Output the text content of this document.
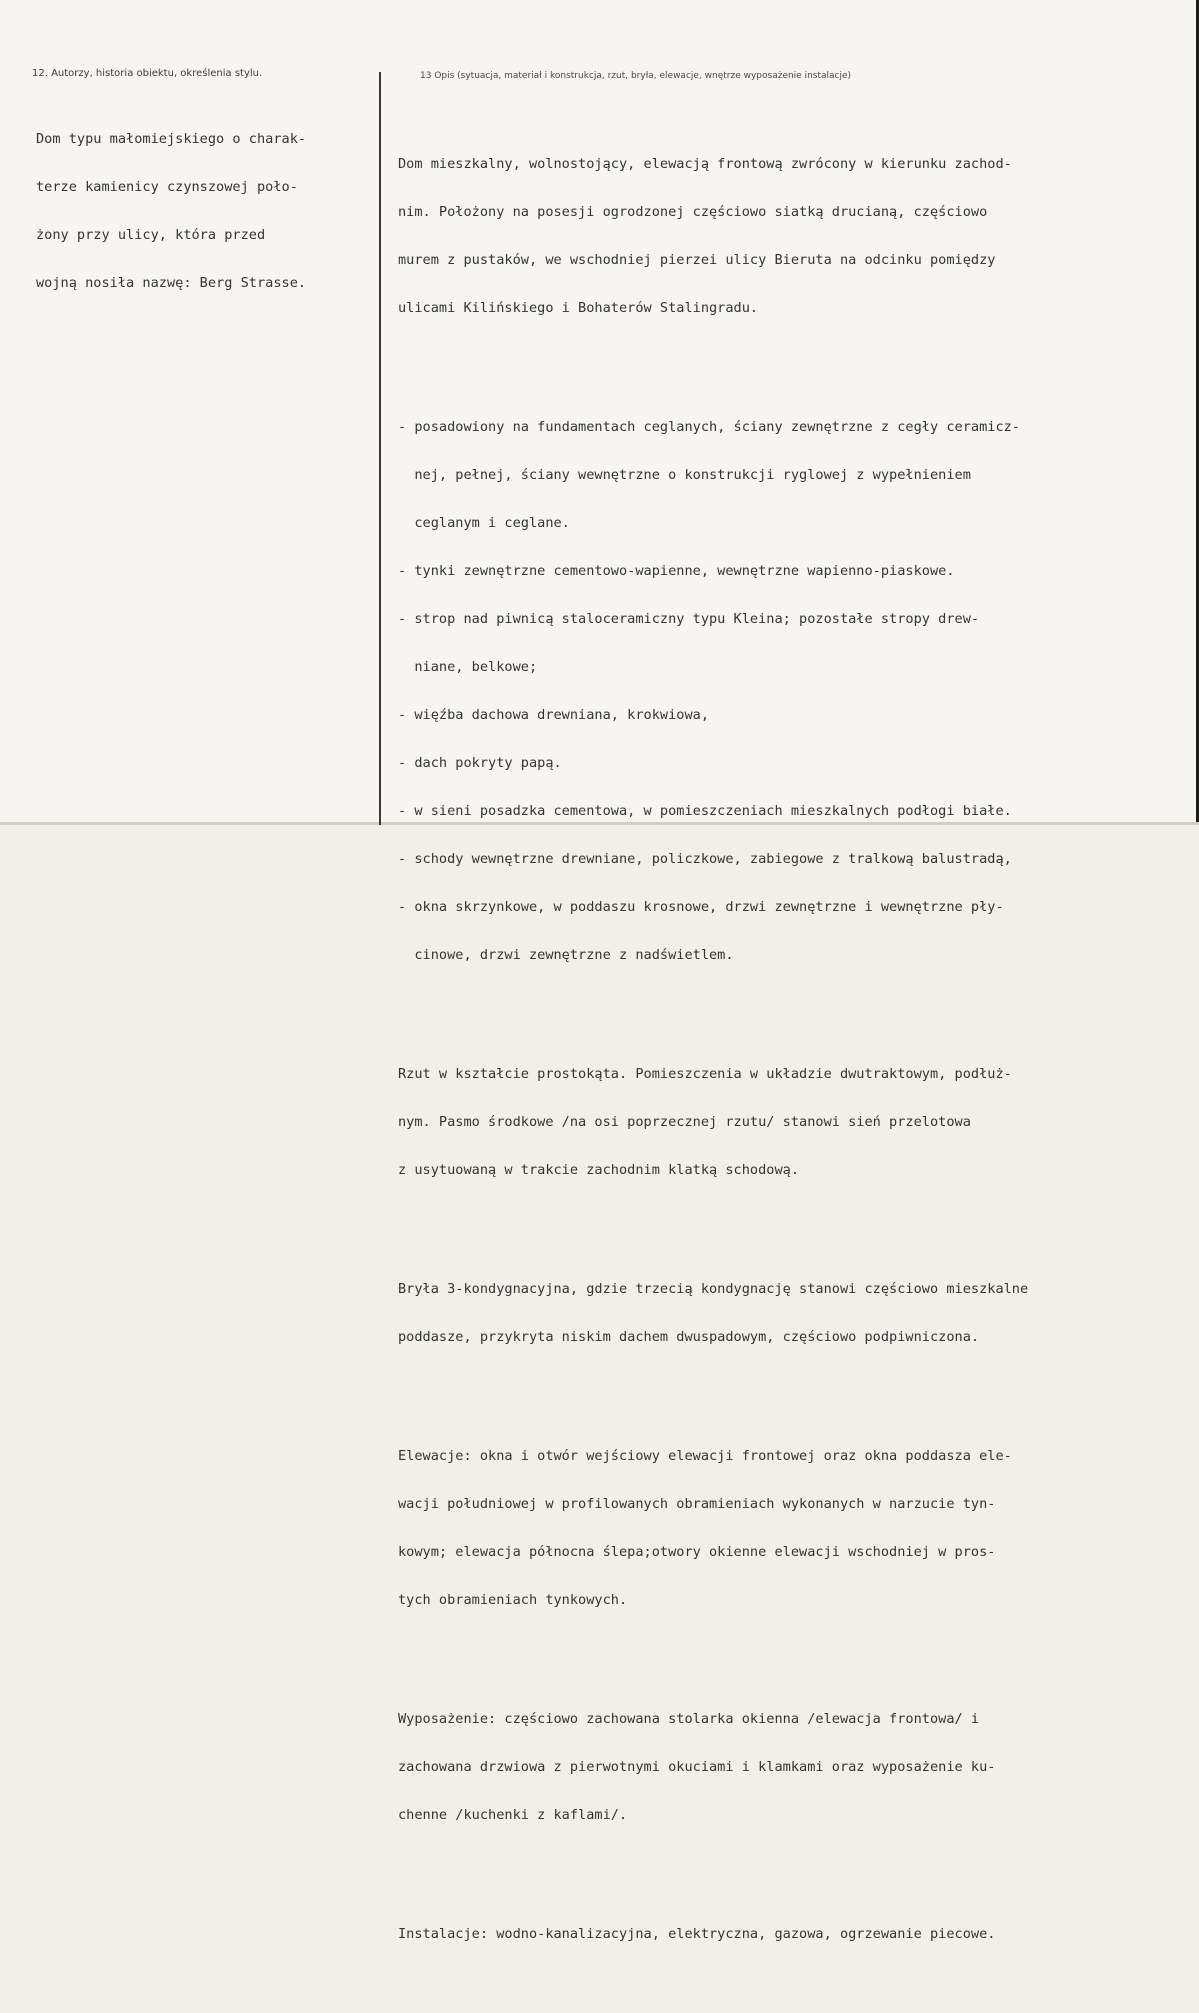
12. Autorzy, historia obiektu, określenia stylu.	13 Opis (sytuacja, materiał i konstrukcja, rzut, bryła, elewacje, wnętrze wyposażenie instalacje)

Dom typu małomiejskiego o charak-

terze kamienicy czynszowej poło-

żony przy ulicy, która przed

wojną nosiła nazwę: Berg Strasse.

Dom mieszkalny, wolnostojący, elewacją frontową zwrócony w kierunku zachod-

nim. Położony na posesji ogrodzonej częściowo siatką drucianą, częściowo

murem z pustaków, we wschodniej pierzei ulicy Bieruta na odcinku pomiędzy

ulicami Kilińskiego i Bohaterów Stalingradu.

- posadowiony na fundamentach ceglanych, ściany zewnętrzne z cegły ceramicz-

nej, pełnej, ściany wewnętrzne o konstrukcji ryglowej z wypełnieniem

ceglanym i ceglane.

- tynki zewnętrzne cementowo-wapienne, wewnętrzne wapienno-piaskowe.

- strop nad piwnicą staloceramiczny typu Kleina; pozostałe stropy drew-

niane, belkowe;

- więźba dachowa drewniana, krokwiowa,

- dach pokryty papą.

- w sieni posadzka cementowa, w pomieszczeniach mieszkalnych podłogi białe.

- schody wewnętrzne drewniane, policzkowe, zabiegowe z tralkową balustradą,

- okna skrzynkowe, w poddaszu krosnowe, drzwi zewnętrzne i wewnętrzne pły-

cinowe, drzwi zewnętrzne z nadświetlem.

Rzut w kształcie prostokąta. Pomieszczenia w układzie dwutraktowym, podłuż-

nym. Pasmo środkowe /na osi poprzecznej rzutu/ stanowi sień przelotowa

z usytuowaną w trakcie zachodnim klatką schodową.

Bryła 3-kondygnacyjna, gdzie trzecią kondygnację stanowi częściowo mieszkalne

poddasze, przykryta niskim dachem dwuspadowym, częściowo podpiwniczona.

Elewacje: okna i otwór wejściowy elewacji frontowej oraz okna poddasza ele-

wacji południowej w profilowanych obramieniach wykonanych w narzucie tyn-

kowym; elewacja północna ślepa;otwory okienne elewacji wschodniej w pros-

tych obramieniach tynkowych.

Wyposażenie: częściowo zachowana stolarka okienna /elewacja frontowa/ i

zachowana drzwiowa z pierwotnymi okuciami i klamkami oraz wyposażenie ku-

chenne /kuchenki z kaflami/.

Instalacje: wodno-kanalizacyjna, elektryczna, gazowa, ogrzewanie piecowe.
